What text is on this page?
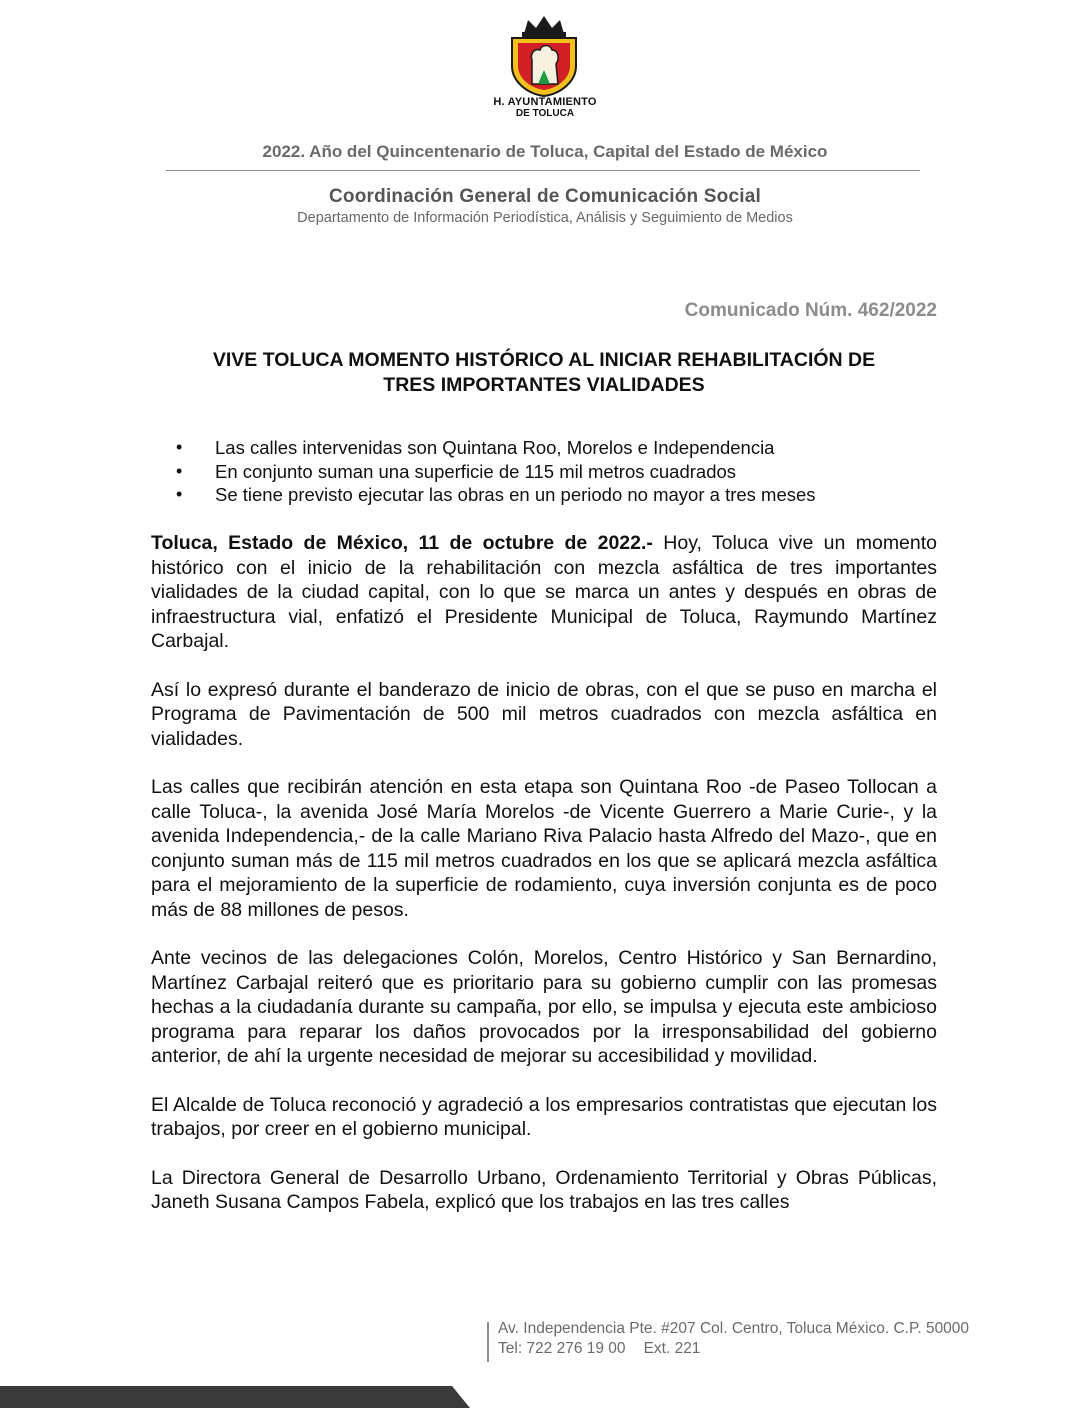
H. AYUNTAMIENTO
DE TOLUCA
2022. Año del Quincentenario de Toluca, Capital del Estado de México
Coordinación General de Comunicación Social
Departamento de Información Periodística, Análisis y Seguimiento de Medios
Comunicado Núm. 462/2022
VIVE TOLUCA MOMENTO HISTÓRICO AL INICIAR REHABILITACIÓN DE
TRES IMPORTANTES VIALIDADES
• Las calles intervenidas son Quintana Roo, Morelos e Independencia
• En conjunto suman una superficie de 115 mil metros cuadrados
• Se tiene previsto ejecutar las obras en un periodo no mayor a tres meses

Toluca, Estado de México, 11 de octubre de 2022.- Hoy, Toluca vive un momento histórico con el inicio de la rehabilitación con mezcla asfáltica de tres importantes vialidades de la ciudad capital, con lo que se marca un antes y después en obras de infraestructura vial, enfatizó el Presidente Municipal de Toluca, Raymundo Martínez Carbajal.

Así lo expresó durante el banderazo de inicio de obras, con el que se puso en marcha el Programa de Pavimentación de 500 mil metros cuadrados con mezcla asfáltica en vialidades.

Las calles que recibirán atención en esta etapa son Quintana Roo -de Paseo Tollocan a calle Toluca-, la avenida José María Morelos -de Vicente Guerrero a Marie Curie-, y la avenida Independencia,- de la calle Mariano Riva Palacio hasta Alfredo del Mazo-, que en conjunto suman más de 115 mil metros cuadrados en los que se aplicará mezcla asfáltica para el mejoramiento de la superficie de rodamiento, cuya inversión conjunta es de poco más de 88 millones de pesos.

Ante vecinos de las delegaciones Colón, Morelos, Centro Histórico y San Bernardino, Martínez Carbajal reiteró que es prioritario para su gobierno cumplir con las promesas hechas a la ciudadanía durante su campaña, por ello, se impulsa y ejecuta este ambicioso programa para reparar los daños provocados por la irresponsabilidad del gobierno anterior, de ahí la urgente necesidad de mejorar su accesibilidad y movilidad.

El Alcalde de Toluca reconoció y agradeció a los empresarios contratistas que ejecutan los trabajos, por creer en el gobierno municipal.

La Directora General de Desarrollo Urbano, Ordenamiento Territorial y Obras Públicas, Janeth Susana Campos Fabela, explicó que los trabajos en las tres calles

Av. Independencia Pte. #207 Col. Centro, Toluca México. C.P. 50000
Tel: 722 276 19 00 Ext. 221
